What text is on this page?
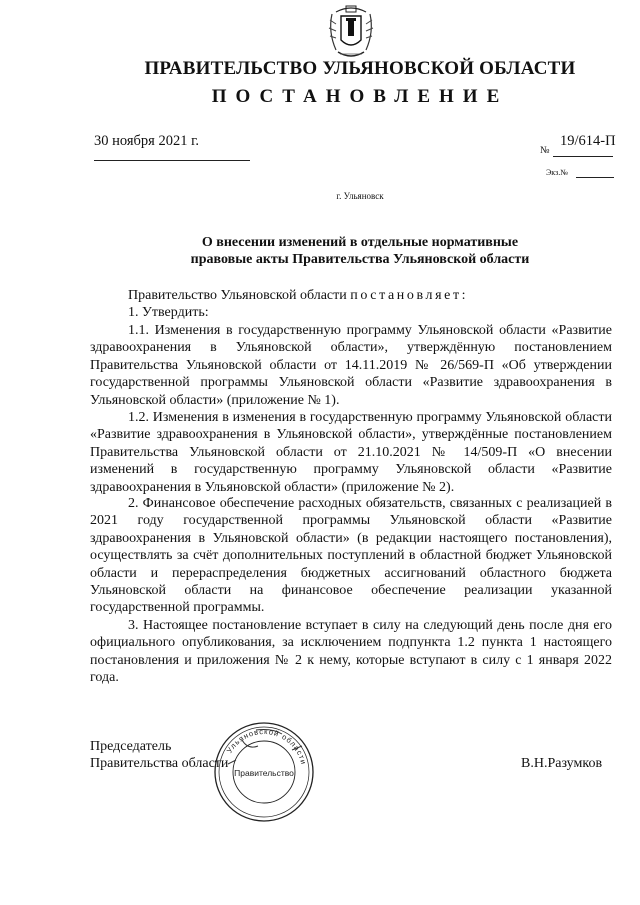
ПРАВИТЕЛЬСТВО УЛЬЯНОВСКОЙ ОБЛАСТИ
ПОСТАНОВЛЕНИЕ
30 ноября 2021 г.
№
19/614-П
Экз.№
г. Ульяновск
О внесении изменений в отдельные нормативные
правовые акты Правительства Ульяновской области
Правительство Ульяновской области постановляет:
1. Утвердить:
1.1. Изменения в государственную программу Ульяновской области «Развитие здравоохранения в Ульяновской области», утверждённую постановлением Правительства Ульяновской области от 14.11.2019 № 26/569-П «Об утверждении государственной программы Ульяновской области «Развитие здравоохранения в Ульяновской области» (приложение № 1).
1.2. Изменения в изменения в государственную программу Ульяновской области «Развитие здравоохранения в Ульяновской области», утверждённые постановлением Правительства Ульяновской области от 21.10.2021 № 14/509-П «О внесении изменений в государственную программу Ульяновской области «Развитие здравоохранения в Ульяновской области» (приложение № 2).
2. Финансовое обеспечение расходных обязательств, связанных с реализацией в 2021 году государственной программы Ульяновской области «Развитие здравоохранения в Ульяновской области» (в редакции настоящего постановления), осуществлять за счёт дополнительных поступлений в областной бюджет Ульяновской области и перераспределения бюджетных ассигнований областного бюджета Ульяновской области на финансовое обеспечение реализации указанной государственной программы.
3. Настоящее постановление вступает в силу на следующий день после дня его официального опубликования, за исключением подпункта 1.2 пункта 1 настоящего постановления и приложения № 2 к нему, которые вступают в силу с 1 января 2022 года.
Председатель
Правительства области	В.Н.Разумков
Ульяновской области
Правительство
